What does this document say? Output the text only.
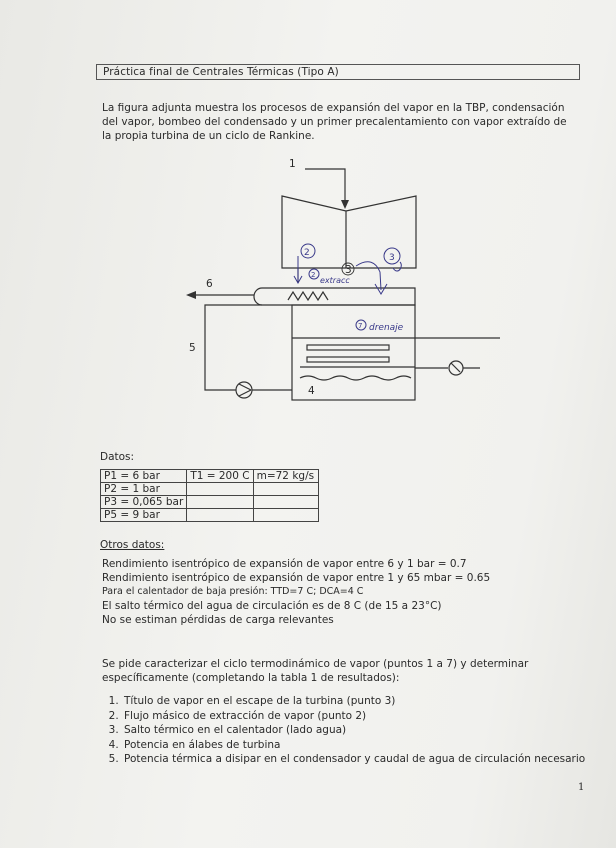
Práctica final de Centrales Térmicas (Tipo A)
La figura adjunta muestra los procesos de expansión del vapor en la TBP, condensación del vapor, bombeo del condensado y un primer precalentamiento con vapor extraído de la propia turbina de un ciclo de Rankine.
1
6
5
4
3
2	3
2
extracc
7 drenaje
Datos:
P1 = 6 bar	T1 = 200 C	m=72 kg/s
P2 = 1 bar		
P3 = 0,065 bar		
P5 = 9 bar		
Otros datos:
Rendimiento isentrópico de expansión de vapor entre 6 y 1 bar = 0.7
Rendimiento isentrópico de expansión de vapor entre 1 y 65 mbar = 0.65
Para el calentador de baja presión: TTD=7 C; DCA=4 C
El salto térmico del agua de circulación es de 8 C (de 15 a 23°C)
No se estiman pérdidas de carga relevantes
Se pide caracterizar el ciclo termodinámico de vapor (puntos 1 a 7) y determinar específicamente (completando la tabla 1 de resultados):
1. Título de vapor en el escape de la turbina (punto 3)
2. Flujo másico de extracción de vapor (punto 2)
3. Salto térmico en el calentador (lado agua)
4. Potencia en álabes de turbina
5. Potencia térmica a disipar en el condensador y caudal de agua de circulación necesario
1
